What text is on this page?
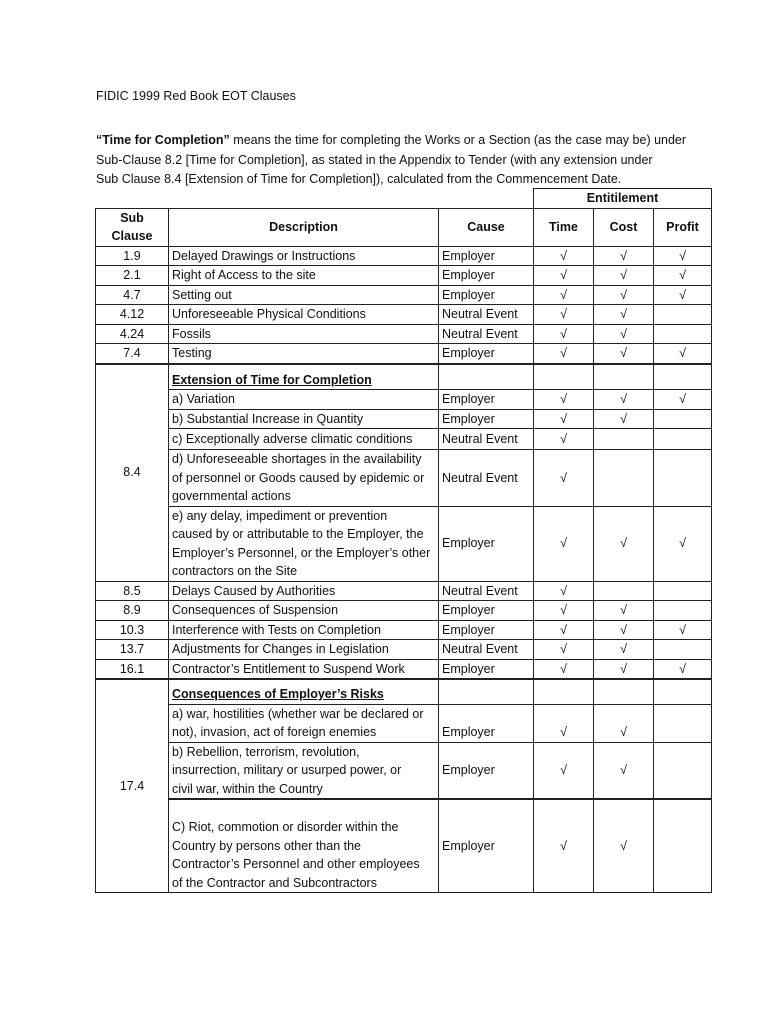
FIDIC 1999 Red Book EOT Clauses
“Time for Completion” means the time for completing the Works or a Section (as the case may be) under
Sub-Clause 8.2 [Time for Completion], as stated in the Appendix to Tender (with any extension under
Sub Clause 8.4 [Extension of Time for Completion]), calculated from the Commencement Date.
			Entitilement		
Sub Clause	Description	Cause	Time	Cost	Profit
1.9	Delayed Drawings or Instructions	Employer	√	√	√
2.1	Right of Access to the site	Employer	√	√	√
4.7	Setting out	Employer	√	√	√
4.12	Unforeseeable Physical Conditions	Neutral Event	√	√	
4.24	Fossils	Neutral Event	√	√	
7.4	Testing	Employer	√	√	√
8.4	Extension of Time for Completion				
	a) Variation	Employer	√	√	√
	b) Substantial Increase in Quantity	Employer	√	√	
	c) Exceptionally adverse climatic conditions	Neutral Event	√		

	d) Unforeseeable shortages in the availability
of personnel or Goods caused by epidemic or
governmental actions	Neutral Event	√		

	e) any delay, impediment or prevention
caused by or attributable to the Employer, the
Employer’s Personnel, or the Employer’s other
contractors on the Site	Employer	√	√	√
8.5	Delays Caused by Authorities	Neutral Event	√		
8.9	Consequences of Suspension	Employer	√	√	
10.3	Interference with Tests on Completion	Employer	√	√	√
13.7	Adjustments for Changes in Legislation	Neutral Event	√	√	
16.1	Contractor’s Entitlement to Suspend Work	Employer	√	√	√
17.4	Consequences of Employer’s Risks				

	a) war, hostilities (whether war be declared or
not), invasion, act of foreign enemies	Employer	√	√	

	b) Rebellion, terrorism, revolution,
insurrection, military or usurped power, or
civil war, within the Country	Employer	√	√	

	C) Riot, commotion or disorder within the
Country by persons other than the
Contractor’s Personnel and other employees
of the Contractor and Subcontractors	Employer	√	√	
